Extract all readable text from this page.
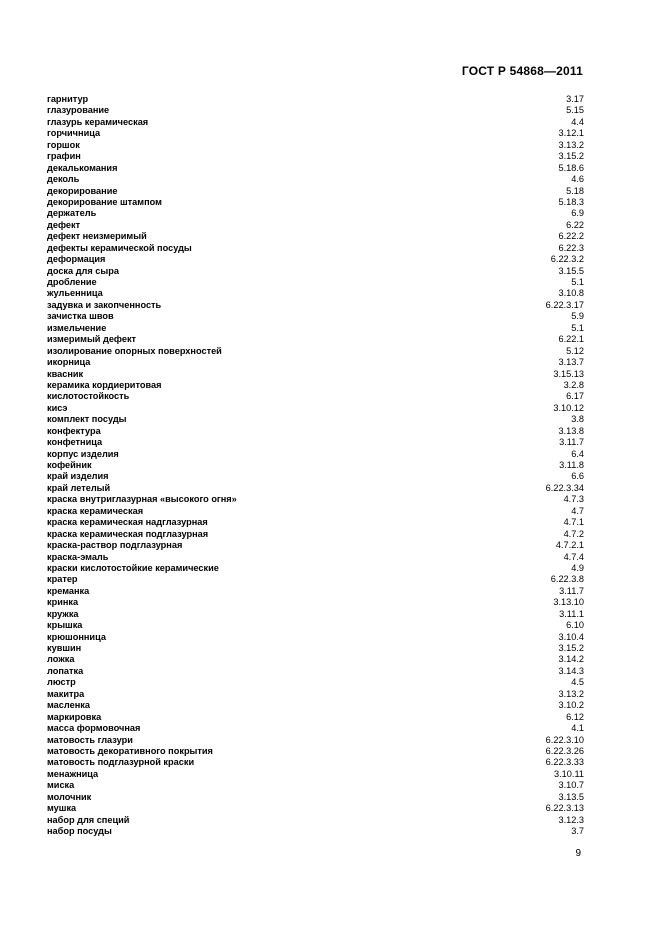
ГОСТ Р 54868—2011
гарнитур	3.17
глазурование	5.15
глазурь керамическая	4.4
горчичница	3.12.1
горшок	3.13.2
графин	3.15.2
декалькомания	5.18.6
деколь	4.6
декорирование	5.18
декорирование штампом	5.18.3
держатель	6.9
дефект	6.22
дефект неизмеримый	6.22.2
дефекты керамической посуды	6.22.3
деформация	6.22.3.2
доска для сыра	3.15.5
дробление	5.1
жульенница	3.10.8
задувка и закопченность	6.22.3.17
зачистка швов	5.9
измельчение	5.1
измеримый дефект	6.22.1
изолирование опорных поверхностей	5.12
икорница	3.13.7
квасник	3.15.13
керамика кордиеритовая	3.2.8
кислотостойкость	6.17
кисэ	3.10.12
комплект посуды	3.8
конфектура	3.13.8
конфетница	3.11.7
корпус изделия	6.4
кофейник	3.11.8
край изделия	6.6
край летелый	6.22.3.34
краска внутриглазурная «высокого огня»	4.7.3
краска керамическая	4.7
краска керамическая надглазурная	4.7.1
краска керамическая подглазурная	4.7.2
краска-раствор подглазурная	4.7.2.1
краска-эмаль	4.7.4
краски кислотостойкие керамические	4.9
кратер	6.22.3.8
креманка	3.11.7
кринка	3.13.10
кружка	3.11.1
крышка	6.10
крюшонница	3.10.4
кувшин	3.15.2
ложка	3.14.2
лопатка	3.14.3
люстр	4.5
макитра	3.13.2
масленка	3.10.2
маркировка	6.12
масса формовочная	4.1
матовость глазури	6.22.3.10
матовость декоративного покрытия	6.22.3.26
матовость подглазурной краски	6.22.3.33
менажница	3.10.11
миска	3.10.7
молочник	3.13.5
мушка	6.22.3.13
набор для специй	3.12.3
набор посуды	3.7
9
